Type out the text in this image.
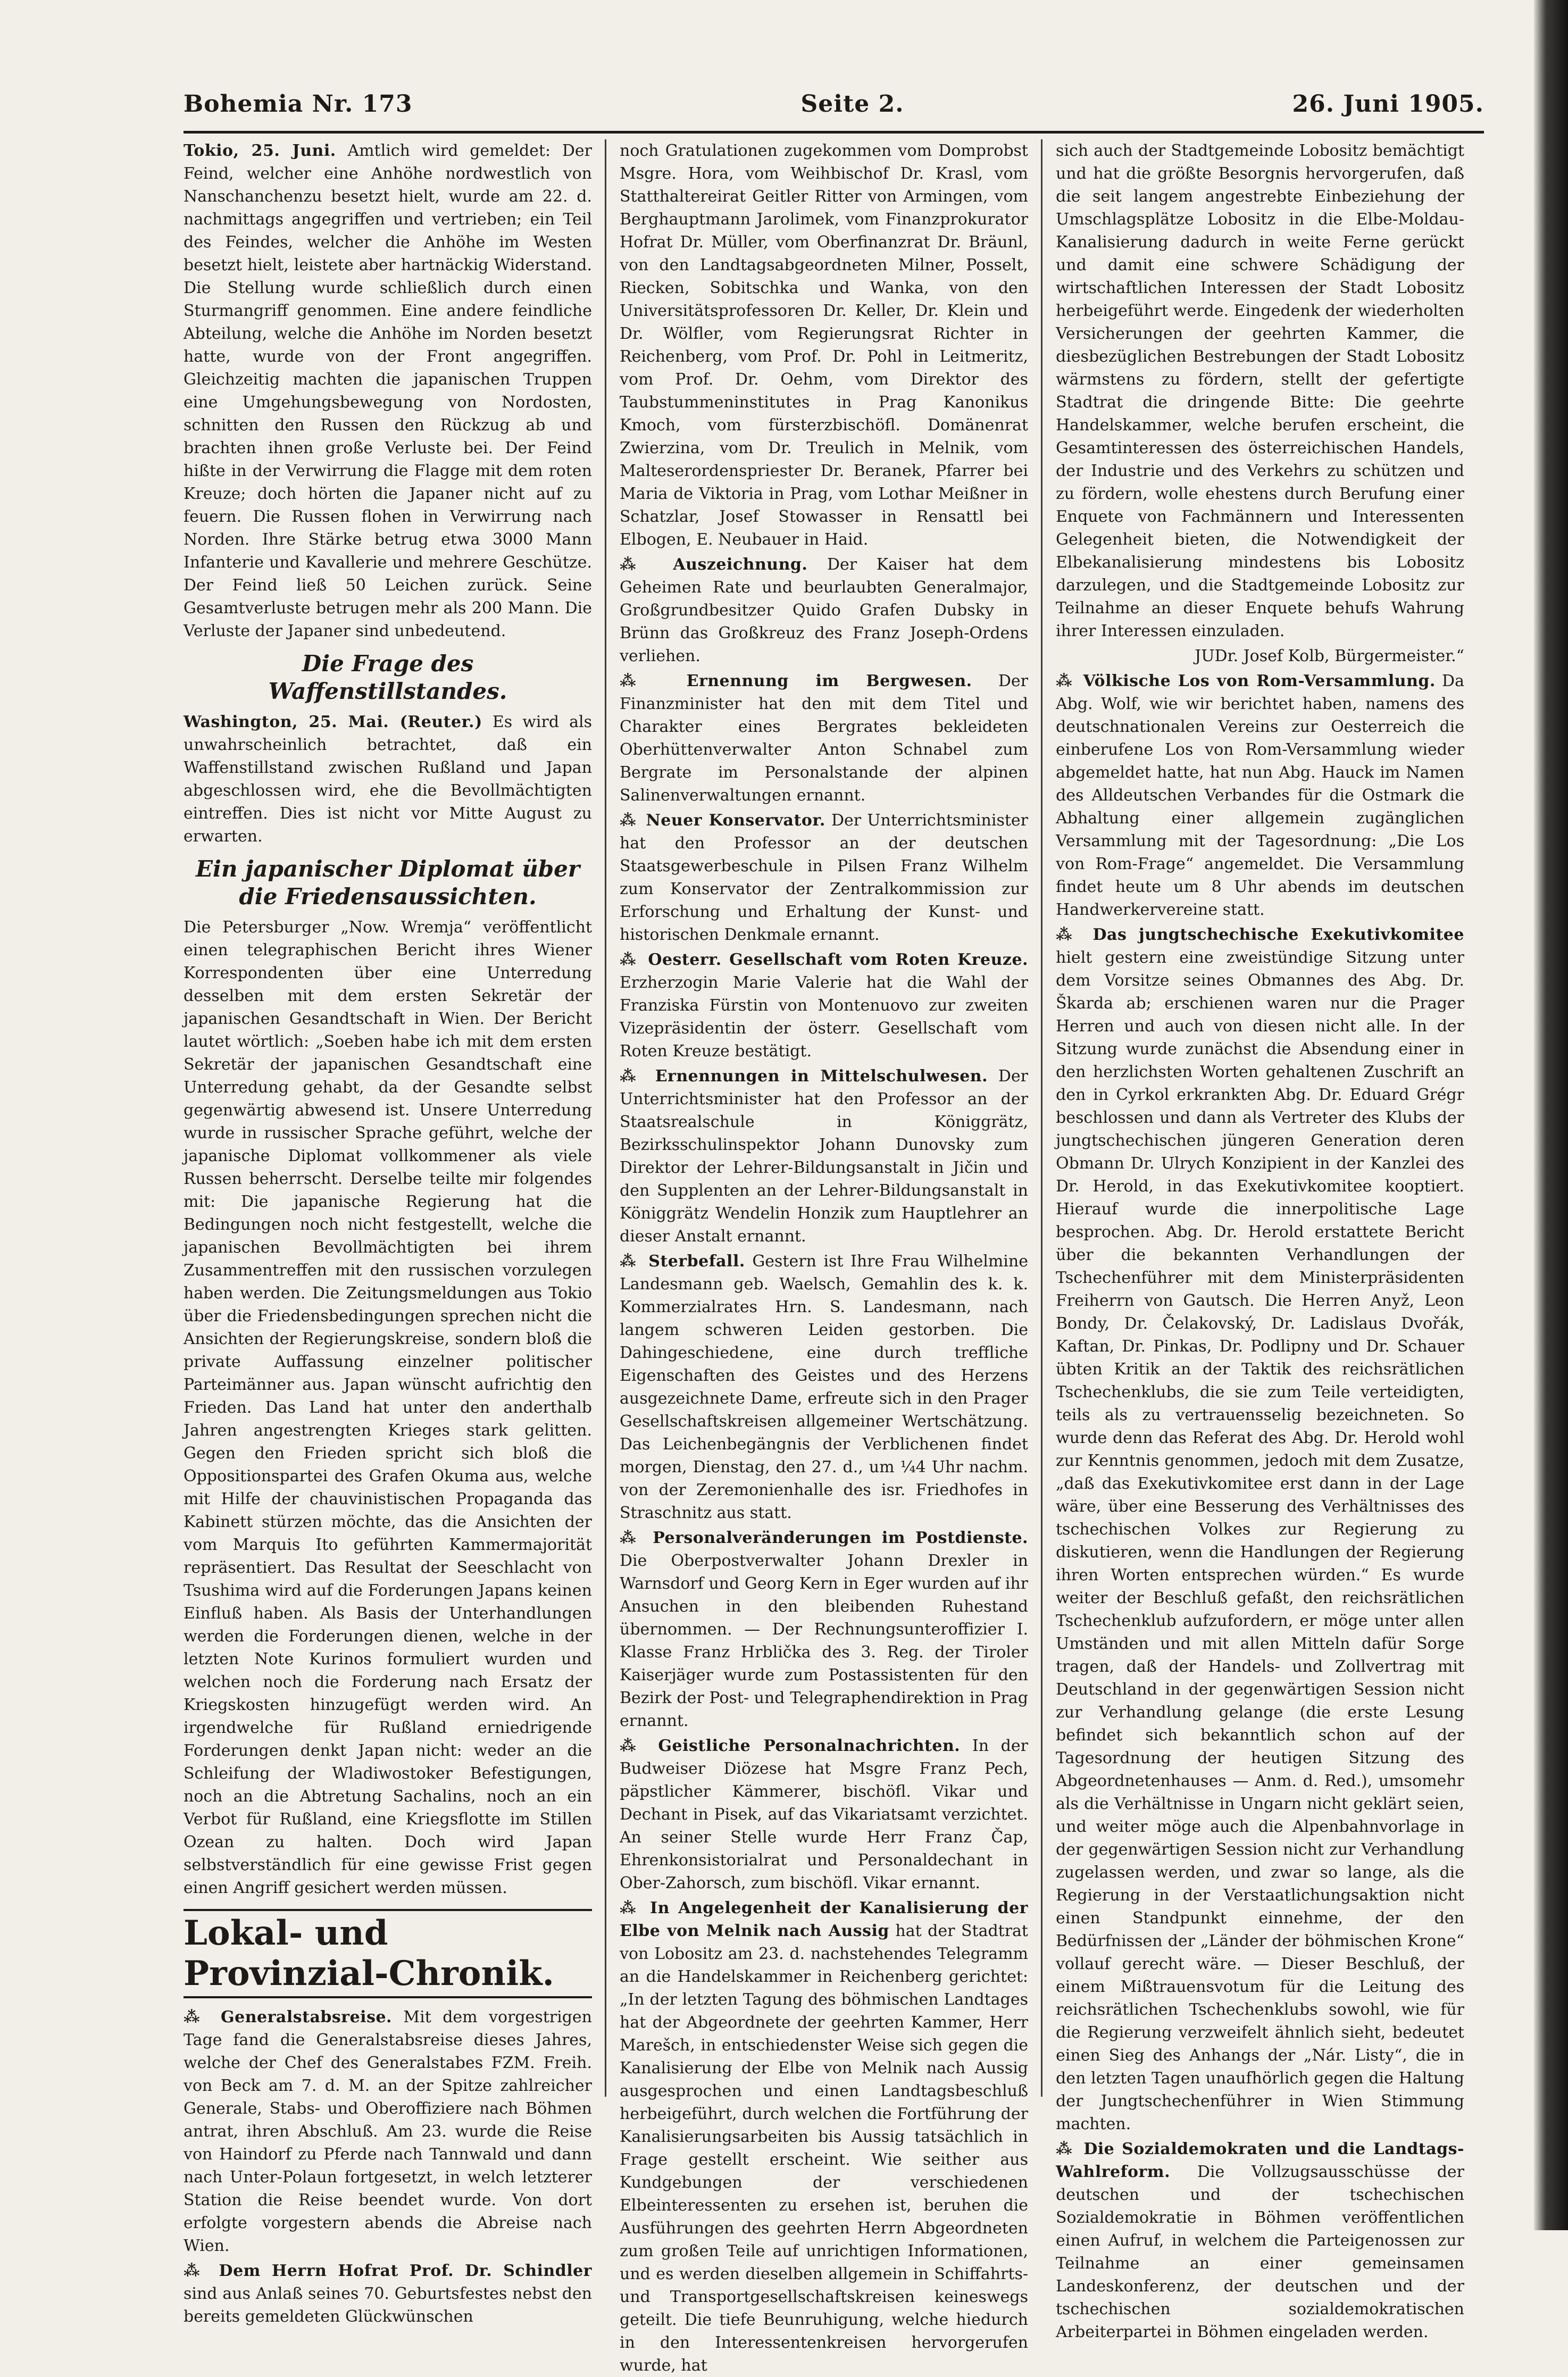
Bohemia Nr. 173	Seite 2.	26. Juni 1905.

Tokio, 25. Juni. Amtlich wird gemeldet: Der Feind, welcher eine Anhöhe nordwestlich von Nanschanchenzu besetzt hielt, wurde am 22. d. nachmittags angegriffen und vertrieben; ein Teil des Feindes, welcher die Anhöhe im Westen besetzt hielt, leistete aber hartnäckig Widerstand. Die Stellung wurde schließlich durch einen Sturmangriff genommen. Eine andere feindliche Abteilung, welche die Anhöhe im Norden besetzt hatte, wurde von der Front angegriffen. Gleichzeitig machten die japanischen Truppen eine Umgehungsbewegung von Nordosten, schnitten den Russen den Rückzug ab und brachten ihnen große Verluste bei. Der Feind hißte in der Verwirrung die Flagge mit dem roten Kreuze; doch hörten die Japaner nicht auf zu feuern. Die Russen flohen in Verwirrung nach Norden. Ihre Stärke betrug etwa 3000 Mann Infanterie und Kavallerie und mehrere Geschütze. Der Feind ließ 50 Leichen zurück. Seine Gesamtverluste betrugen mehr als 200 Mann. Die Verluste der Japaner sind unbedeutend.

Die Frage des Waffenstillstandes.

Washington, 25. Mai. (Reuter.) Es wird als unwahrscheinlich betrachtet, daß ein Waffenstillstand zwischen Rußland und Japan abgeschlossen wird, ehe die Bevollmächtigten eintreffen. Dies ist nicht vor Mitte August zu erwarten.

Ein japanischer Diplomat über die Friedensaussichten.

Die Petersburger „Now. Wremja“ veröffentlicht einen telegraphischen Bericht ihres Wiener Korrespondenten über eine Unterredung desselben mit dem ersten Sekretär der japanischen Gesandtschaft in Wien. Der Bericht lautet wörtlich: „Soeben habe ich mit dem ersten Sekretär der japanischen Gesandtschaft eine Unterredung gehabt, da der Gesandte selbst gegenwärtig abwesend ist. Unsere Unterredung wurde in russischer Sprache geführt, welche der japanische Diplomat vollkommener als viele Russen beherrscht. Derselbe teilte mir folgendes mit: Die japanische Regierung hat die Bedingungen noch nicht festgestellt, welche die japanischen Bevollmächtigten bei ihrem Zusammentreffen mit den russischen vorzulegen haben werden. Die Zeitungsmeldungen aus Tokio über die Friedensbedingungen sprechen nicht die Ansichten der Regierungskreise, sondern bloß die private Auffassung einzelner politischer Parteimänner aus. Japan wünscht aufrichtig den Frieden. Das Land hat unter den anderthalb Jahren angestrengten Krieges stark gelitten. Gegen den Frieden spricht sich bloß die Oppositionspartei des Grafen Okuma aus, welche mit Hilfe der chauvinistischen Propaganda das Kabinett stürzen möchte, das die Ansichten der vom Marquis Ito geführten Kammermajorität repräsentiert. Das Resultat der Seeschlacht von Tsushima wird auf die Forderungen Japans keinen Einfluß haben. Als Basis der Unterhandlungen werden die Forderungen dienen, welche in der letzten Note Kurinos formuliert wurden und welchen noch die Forderung nach Ersatz der Kriegskosten hinzugefügt werden wird. An irgendwelche für Rußland erniedrigende Forderungen denkt Japan nicht: weder an die Schleifung der Wladiwostoker Befestigungen, noch an die Abtretung Sachalins, noch an ein Verbot für Rußland, eine Kriegsflotte im Stillen Ozean zu halten. Doch wird Japan selbstverständlich für eine gewisse Frist gegen einen Angriff gesichert werden müssen.

Lokal- und Provinzial-Chronik.

⁂ Generalstabsreise. Mit dem vorgestrigen Tage fand die Generalstabsreise dieses Jahres, welche der Chef des Generalstabes FZM. Freih. von Beck am 7. d. M. an der Spitze zahlreicher Generale, Stabs- und Oberoffiziere nach Böhmen antrat, ihren Abschluß. Am 23. wurde die Reise von Haindorf zu Pferde nach Tannwald und dann nach Unter-Polaun fortgesetzt, in welch letzterer Station die Reise beendet wurde. Von dort erfolgte vorgestern abends die Abreise nach Wien.

⁂ Dem Herrn Hofrat Prof. Dr. Schindler sind aus Anlaß seines 70. Geburtsfestes nebst den bereits gemeldeten Glückwünschen

noch Gratulationen zugekommen vom Domprobst Msgre. Hora, vom Weihbischof Dr. Krasl, vom Statthaltereirat Geitler Ritter von Armingen, vom Berghauptmann Jarolimek, vom Finanzprokurator Hofrat Dr. Müller, vom Oberfinanzrat Dr. Bräunl, von den Landtagsabgeordneten Milner, Posselt, Riecken, Sobitschka und Wanka, von den Universitätsprofessoren Dr. Keller, Dr. Klein und Dr. Wölfler, vom Regierungsrat Richter in Reichenberg, vom Prof. Dr. Pohl in Leitmeritz, vom Prof. Dr. Oehm, vom Direktor des Taubstummeninstitutes in Prag Kanonikus Kmoch, vom fürsterzbischöfl. Domänenrat Zwierzina, vom Dr. Treulich in Melnik, vom Malteserordenspriester Dr. Beranek, Pfarrer bei Maria de Viktoria in Prag, vom Lothar Meißner in Schatzlar, Josef Stowasser in Rensattl bei Elbogen, E. Neubauer in Haid.

⁂ Auszeichnung. Der Kaiser hat dem Geheimen Rate und beurlaubten Generalmajor, Großgrundbesitzer Quido Grafen Dubsky in Brünn das Großkreuz des Franz Joseph-Ordens verliehen.

⁂ Ernennung im Bergwesen. Der Finanzminister hat den mit dem Titel und Charakter eines Bergrates bekleideten Oberhüttenverwalter Anton Schnabel zum Bergrate im Personalstande der alpinen Salinenverwaltungen ernannt.

⁂ Neuer Konservator. Der Unterrichtsminister hat den Professor an der deutschen Staatsgewerbeschule in Pilsen Franz Wilhelm zum Konservator der Zentralkommission zur Erforschung und Erhaltung der Kunst- und historischen Denkmale ernannt.

⁂ Oesterr. Gesellschaft vom Roten Kreuze. Erzherzogin Marie Valerie hat die Wahl der Franziska Fürstin von Montenuovo zur zweiten Vizepräsidentin der österr. Gesellschaft vom Roten Kreuze bestätigt.

⁂ Ernennungen in Mittelschulwesen. Der Unterrichtsminister hat den Professor an der Staatsrealschule in Königgrätz, Bezirksschulinspektor Johann Dunovsky zum Direktor der Lehrer-Bildungsanstalt in Jičin und den Supplenten an der Lehrer-Bildungsanstalt in Königgrätz Wendelin Honzik zum Hauptlehrer an dieser Anstalt ernannt.

⁂ Sterbefall. Gestern ist Ihre Frau Wilhelmine Landesmann geb. Waelsch, Gemahlin des k. k. Kommerzialrates Hrn. S. Landesmann, nach langem schweren Leiden gestorben. Die Dahingeschiedene, eine durch treffliche Eigenschaften des Geistes und des Herzens ausgezeichnete Dame, erfreute sich in den Prager Gesellschaftskreisen allgemeiner Wertschätzung. Das Leichenbegängnis der Verblichenen findet morgen, Dienstag, den 27. d., um ¼4 Uhr nachm. von der Zeremonienhalle des isr. Friedhofes in Straschnitz aus statt.

⁂ Personalveränderungen im Postdienste. Die Oberpostverwalter Johann Drexler in Warnsdorf und Georg Kern in Eger wurden auf ihr Ansuchen in den bleibenden Ruhestand übernommen. — Der Rechnungsunteroffizier I. Klasse Franz Hrblička des 3. Reg. der Tiroler Kaiserjäger wurde zum Postassistenten für den Bezirk der Post- und Telegraphendirektion in Prag ernannt.

⁂ Geistliche Personalnachrichten. In der Budweiser Diözese hat Msgre Franz Pech, päpstlicher Kämmerer, bischöfl. Vikar und Dechant in Pisek, auf das Vikariatsamt verzichtet. An seiner Stelle wurde Herr Franz Čap, Ehrenkonsistorialrat und Personaldechant in Ober-Zahorsch, zum bischöfl. Vikar ernannt.

⁂ In Angelegenheit der Kanalisierung der Elbe von Melnik nach Aussig hat der Stadtrat von Lobositz am 23. d. nachstehendes Telegramm an die Handelskammer in Reichenberg gerichtet: „In der letzten Tagung des böhmischen Landtages hat der Abgeordnete der geehrten Kammer, Herr Marešch, in entschiedenster Weise sich gegen die Kanalisierung der Elbe von Melnik nach Aussig ausgesprochen und einen Landtagsbeschluß herbeigeführt, durch welchen die Fortführung der Kanalisierungsarbeiten bis Aussig tatsächlich in Frage gestellt erscheint. Wie seither aus Kundgebungen der verschiedenen Elbeinteressenten zu ersehen ist, beruhen die Ausführungen des geehrten Herrn Abgeordneten zum großen Teile auf unrichtigen Informationen, und es werden dieselben allgemein in Schiffahrts- und Transportgesellschaftskreisen keineswegs geteilt. Die tiefe Beunruhigung, welche hiedurch in den Interessentenkreisen hervorgerufen wurde, hat

sich auch der Stadtgemeinde Lobositz bemächtigt und hat die größte Besorgnis hervorgerufen, daß die seit langem angestrebte Einbeziehung der Umschlagsplätze Lobositz in die Elbe-Moldau-Kanalisierung dadurch in weite Ferne gerückt und damit eine schwere Schädigung der wirtschaftlichen Interessen der Stadt Lobositz herbeigeführt werde. Eingedenk der wiederholten Versicherungen der geehrten Kammer, die diesbezüglichen Bestrebungen der Stadt Lobositz wärmstens zu fördern, stellt der gefertigte Stadtrat die dringende Bitte: Die geehrte Handelskammer, welche berufen erscheint, die Gesamtinteressen des österreichischen Handels, der Industrie und des Verkehrs zu schützen und zu fördern, wolle ehestens durch Berufung einer Enquete von Fachmännern und Interessenten Gelegenheit bieten, die Notwendigkeit der Elbekanalisierung mindestens bis Lobositz darzulegen, und die Stadtgemeinde Lobositz zur Teilnahme an dieser Enquete behufs Wahrung ihrer Interessen einzuladen.

JUDr. Josef Kolb, Bürgermeister.“

⁂ Völkische Los von Rom-Versammlung. Da Abg. Wolf, wie wir berichtet haben, namens des deutschnationalen Vereins zur Oesterreich die einberufene Los von Rom-Versammlung wieder abgemeldet hatte, hat nun Abg. Hauck im Namen des Alldeutschen Verbandes für die Ostmark die Abhaltung einer allgemein zugänglichen Versammlung mit der Tagesordnung: „Die Los von Rom-Frage“ angemeldet. Die Versammlung findet heute um 8 Uhr abends im deutschen Handwerkervereine statt.

⁂ Das jungtschechische Exekutivkomitee hielt gestern eine zweistündige Sitzung unter dem Vorsitze seines Obmannes des Abg. Dr. Škarda ab; erschienen waren nur die Prager Herren und auch von diesen nicht alle. In der Sitzung wurde zunächst die Absendung einer in den herzlichsten Worten gehaltenen Zuschrift an den in Cyrkol erkrankten Abg. Dr. Eduard Grégr beschlossen und dann als Vertreter des Klubs der jungtschechischen jüngeren Generation deren Obmann Dr. Ulrych Konzipient in der Kanzlei des Dr. Herold, in das Exekutivkomitee kooptiert. Hierauf wurde die innerpolitische Lage besprochen. Abg. Dr. Herold erstattete Bericht über die bekannten Verhandlungen der Tschechenführer mit dem Ministerpräsidenten Freiherrn von Gautsch. Die Herren Anyž, Leon Bondy, Dr. Čelakovský, Dr. Ladislaus Dvořák, Kaftan, Dr. Pinkas, Dr. Podlipny und Dr. Schauer übten Kritik an der Taktik des reichsrätlichen Tschechenklubs, die sie zum Teile verteidigten, teils als zu vertrauensselig bezeichneten. So wurde denn das Referat des Abg. Dr. Herold wohl zur Kenntnis genommen, jedoch mit dem Zusatze, „daß das Exekutivkomitee erst dann in der Lage wäre, über eine Besserung des Verhältnisses des tschechischen Volkes zur Regierung zu diskutieren, wenn die Handlungen der Regierung ihren Worten entsprechen würden.“ Es wurde weiter der Beschluß gefaßt, den reichsrätlichen Tschechenklub aufzufordern, er möge unter allen Umständen und mit allen Mitteln dafür Sorge tragen, daß der Handels- und Zollvertrag mit Deutschland in der gegenwärtigen Session nicht zur Verhandlung gelange (die erste Lesung befindet sich bekanntlich schon auf der Tagesordnung der heutigen Sitzung des Abgeordnetenhauses — Anm. d. Red.), umsomehr als die Verhältnisse in Ungarn nicht geklärt seien, und weiter möge auch die Alpenbahnvorlage in der gegenwärtigen Session nicht zur Verhandlung zugelassen werden, und zwar so lange, als die Regierung in der Verstaatlichungsaktion nicht einen Standpunkt einnehme, der den Bedürfnissen der „Länder der böhmischen Krone“ vollauf gerecht wäre. — Dieser Beschluß, der einem Mißtrauensvotum für die Leitung des reichsrätlichen Tschechenklubs sowohl, wie für die Regierung verzweifelt ähnlich sieht, bedeutet einen Sieg des Anhangs der „Nár. Listy“, die in den letzten Tagen unaufhörlich gegen die Haltung der Jungtschechenführer in Wien Stimmung machten.

⁂ Die Sozialdemokraten und die Landtags-Wahlreform. Die Vollzugsausschüsse der deutschen und der tschechischen Sozialdemokratie in Böhmen veröffentlichen einen Aufruf, in welchem die Parteigenossen zur Teilnahme an einer gemeinsamen Landeskonferenz, der deutschen und der tschechischen sozialdemokratischen Arbeiterpartei in Böhmen eingeladen werden.
